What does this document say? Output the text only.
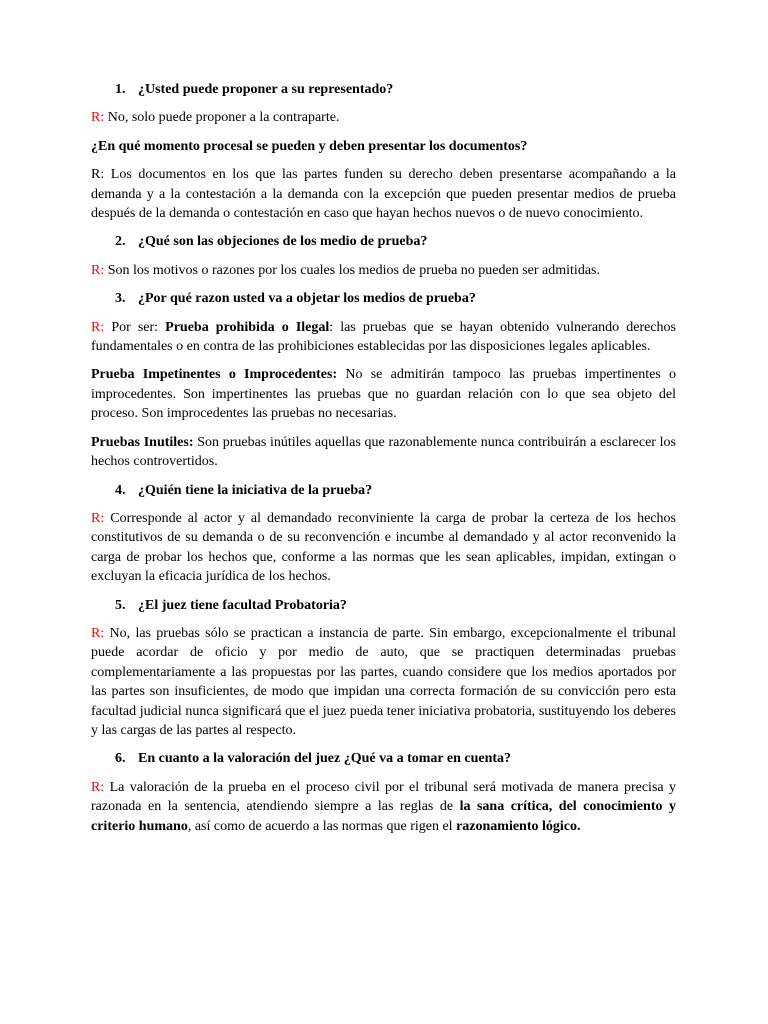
1. ¿Usted puede proponer a su representado?

R: No, solo puede proponer a la contraparte.

¿En qué momento procesal se pueden y deben presentar los documentos?

R: Los documentos en los que las partes funden su derecho deben presentarse acompañando a la demanda y a la contestación a la demanda con la excepción que pueden presentar medios de prueba después de la demanda o contestación en caso que hayan hechos nuevos o de nuevo conocimiento.

2. ¿Qué son las objeciones de los medio de prueba?

R: Son los motivos o razones por los cuales los medios de prueba no pueden ser admitidas.

3. ¿Por qué razon usted va a objetar los medios de prueba?

R: Por ser: Prueba prohibida o Ilegal: las pruebas que se hayan obtenido vulnerando derechos fundamentales o en contra de las prohibiciones establecidas por las disposiciones legales aplicables.

Prueba Impetinentes o Improcedentes: No se admitirán tampoco las pruebas impertinentes o improcedentes. Son impertinentes las pruebas que no guardan relación con lo que sea objeto del proceso. Son improcedentes las pruebas no necesarias.

Pruebas Inutiles: Son pruebas inútiles aquellas que razonablemente nunca contribuirán a esclarecer los hechos controvertidos.

4. ¿Quién tiene la iniciativa de la prueba?

R: Corresponde al actor y al demandado reconviniente la carga de probar la certeza de los hechos constitutivos de su demanda o de su reconvención e incumbe al demandado y al actor reconvenido la carga de probar los hechos que, conforme a las normas que les sean aplicables, impidan, extingan o excluyan la eficacia jurídica de los hechos.

5. ¿El juez tiene facultad Probatoria?

R: No, las pruebas sólo se practican a instancia de parte. Sin embargo, excepcionalmente el tribunal puede acordar de oficio y por medio de auto, que se practiquen determinadas pruebas complementariamente a las propuestas por las partes, cuando considere que los medios aportados por las partes son insuficientes, de modo que impidan una correcta formación de su convicción pero esta facultad judicial nunca significará que el juez pueda tener iniciativa probatoria, sustituyendo los deberes y las cargas de las partes al respecto.

6. En cuanto a la valoración del juez ¿Qué va a tomar en cuenta?

R: La valoración de la prueba en el proceso civil por el tribunal será motivada de manera precisa y razonada en la sentencia, atendiendo siempre a las reglas de la sana crítica, del conocimiento y criterio humano, así como de acuerdo a las normas que rigen el razonamiento lógico.
